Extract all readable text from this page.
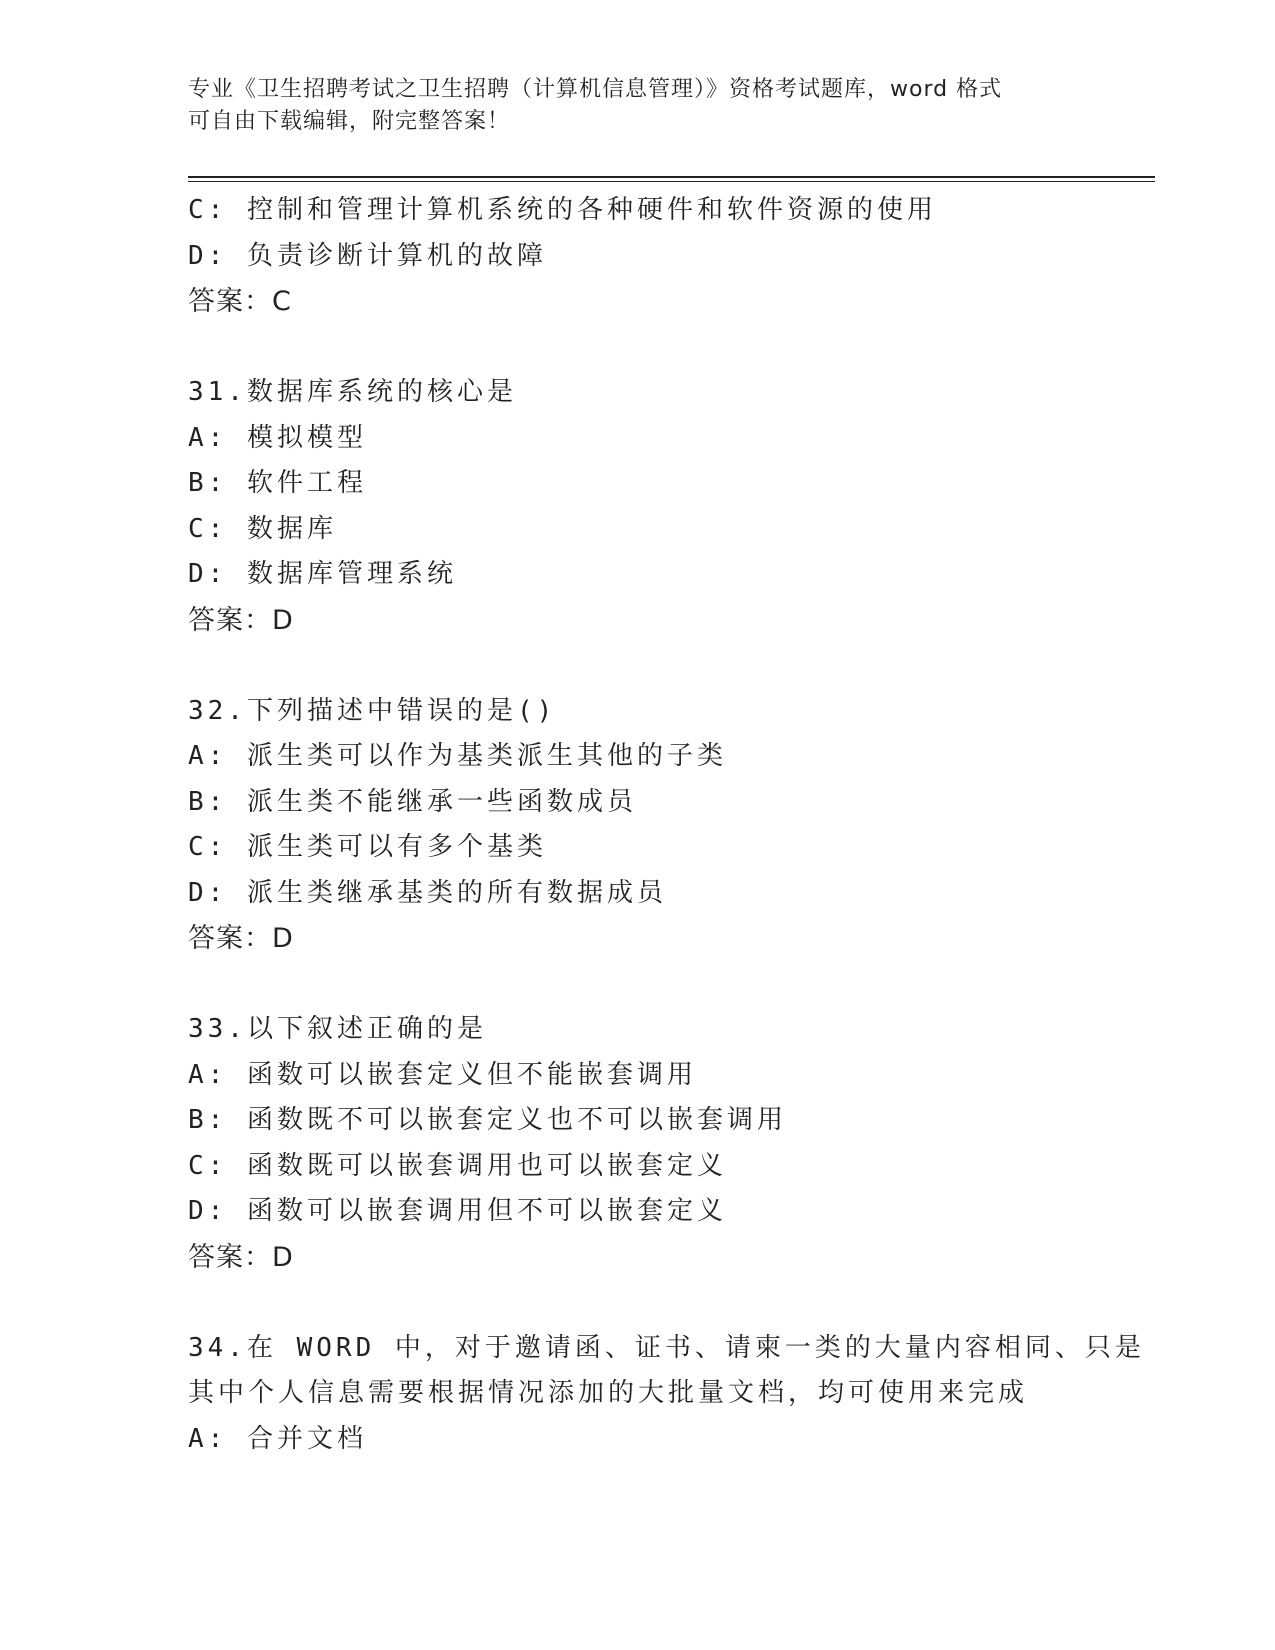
专业《卫生招聘考试之卫生招聘（计算机信息管理）》资格考试题库，word 格式
可自由下载编辑，附完整答案！
C: 控制和管理计算机系统的各种硬件和软件资源的使用
D: 负责诊断计算机的故障
答案：C
31.数据库系统的核心是
A: 模拟模型
B: 软件工程
C: 数据库
D: 数据库管理系统
答案：D
32.下列描述中错误的是()
A: 派生类可以作为基类派生其他的子类
B: 派生类不能继承一些函数成员
C: 派生类可以有多个基类
D: 派生类继承基类的所有数据成员
答案：D
33.以下叙述正确的是
A: 函数可以嵌套定义但不能嵌套调用
B: 函数既不可以嵌套定义也不可以嵌套调用
C: 函数既可以嵌套调用也可以嵌套定义
D: 函数可以嵌套调用但不可以嵌套定义
答案：D
34.在 WORD 中，对于邀请函、证书、请柬一类的大量内容相同、只是
其中个人信息需要根据情况添加的大批量文档，均可使用来完成
A: 合并文档
